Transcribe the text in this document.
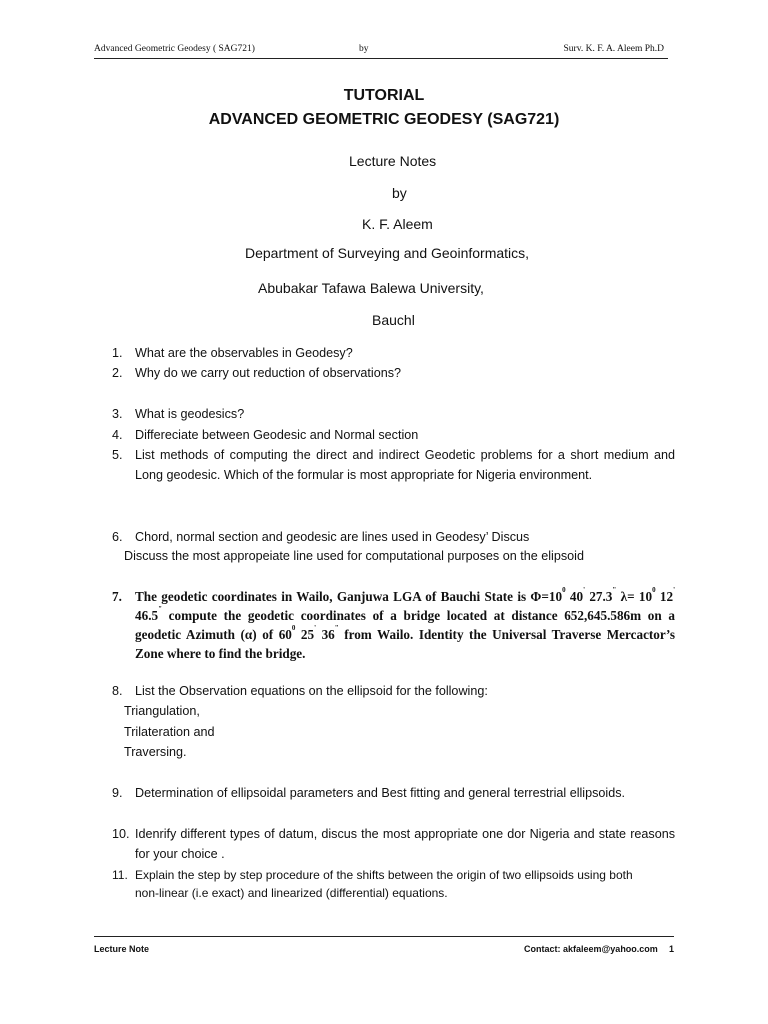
Advanced Geometric Geodesy ( SAG721)	by	Surv. K. F. A. Aleem Ph.D
TUTORIAL
ADVANCED GEOMETRIC GEODESY (SAG721)
Lecture Notes
by
K. F. Aleem
Department of Surveying and Geoinformatics,
Abubakar Tafawa Balewa University,
Bauchl
1. What are the observables in Geodesy?
2. Why do we carry out reduction of observations?
3. What is geodesics?
4. Differeciate between Geodesic and Normal section
5. List methods of computing the direct and indirect Geodetic problems for a short medium and Long geodesic. Which of the formular is most appropriate for Nigeria environment.
6. Chord, normal section and geodesic are lines used in Geodesy’ Discus
Discuss the most appropeiate line used for computational purposes on the elipsoid
7. The geodetic coordinates in Wailo, Ganjuwa LGA of Bauchi State is $\Phi=10^0$ 40' 27.3" $\lambda= 10^0$ 12' 46.5" compute the geodetic coordinates of a bridge located at distance 652,645.586m on a geodetic Azimuth (α) of $60^0$ 25' 36" from Wailo. Identity the Universal Traverse Mercactor’s Zone where to find the bridge.
8. List the Observation equations on the ellipsoid for the following:
Triangulation,
Trilateration and
Traversing.
9. Determination of ellipsoidal parameters and Best fitting and general terrestrial ellipsoids.
10. Idenrify different types of datum, discus the most appropriate one dor Nigeria and state reasons for your choice .
11. Explain the step by step procedure of the shifts between the origin of two ellipsoids using both non-linear (i.e exact) and linearized (differential) equations.
Lecture Note	Contact: akfaleem@yahoo.com 1
